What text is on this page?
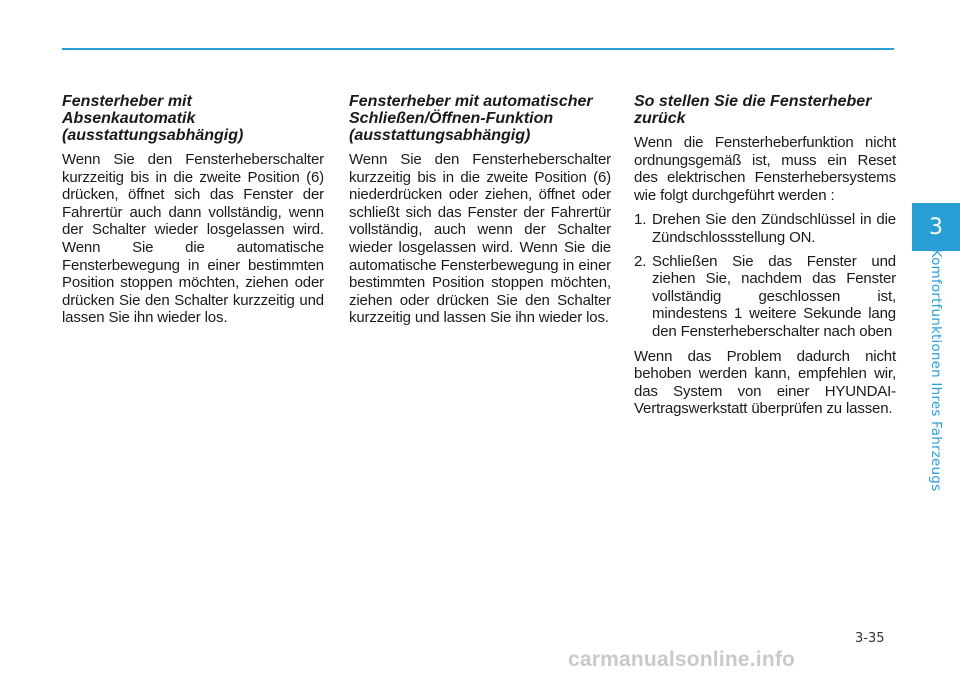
Fensterheber mit
Absenkautomatik
(ausstattungsabhängig)

Wenn Sie den Fensterheberschalter kurzzeitig bis in die zweite Position (6) drücken, öffnet sich das Fenster der Fahrertür auch dann vollständig, wenn der Schalter wieder losgelassen wird. Wenn Sie die automatische Fensterbewegung in einer bestimmten Position stoppen möchten, ziehen oder drücken Sie den Schalter kurzzeitig und lassen Sie ihn wieder los.

Fensterheber mit automatischer
Schließen/Öffnen-Funktion
(ausstattungsabhängig)

Wenn Sie den Fensterheberschalter kurzzeitig bis in die zweite Position (6) niederdrücken oder ziehen, öffnet oder schließt sich das Fenster der Fahrertür vollständig, auch wenn der Schalter wieder losgelassen wird. Wenn Sie die automatische Fensterbewegung in einer bestimmten Position stoppen möchten, ziehen oder drücken Sie den Schalter kurzzeitig und lassen Sie ihn wieder los.

So stellen Sie die Fensterheber
zurück

Wenn die Fensterheberfunktion nicht ordnungsgemäß ist, muss ein Reset des elektrischen Fensterhebersystems wie folgt durchgeführt werden :

1. Drehen Sie den Zündschlüssel in die Zündschlossstellung ON.
2. Schließen Sie das Fenster und ziehen Sie, nachdem das Fenster vollständig geschlossen ist, mindestens 1 weitere Sekunde lang den Fensterheberschalter nach oben

Wenn das Problem dadurch nicht behoben werden kann, empfehlen wir, das System von einer HYUNDAI-Vertragswerkstatt überprüfen zu lassen.

3
Komfortfunktionen Ihres Fahrzeugs
3-35
carmanualsonline.info
